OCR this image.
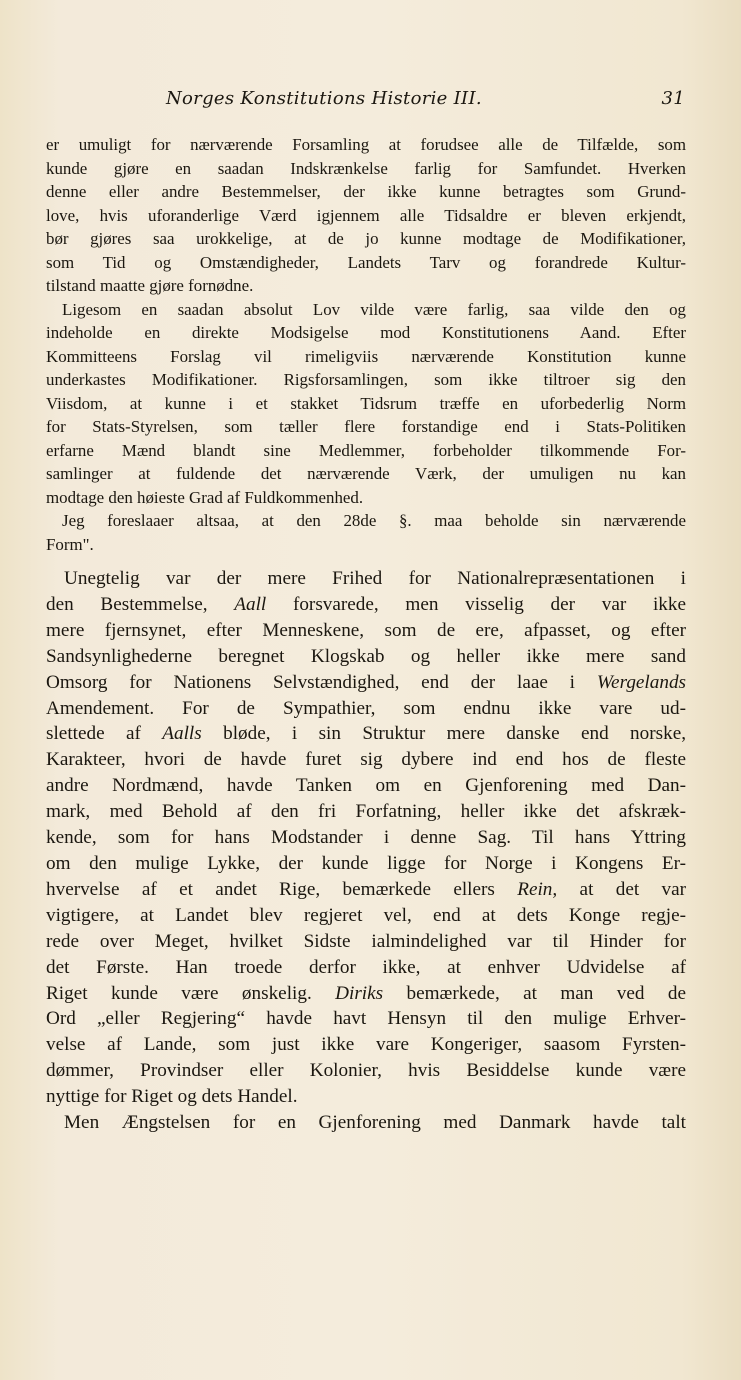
Norges Konstitutions Historie III.	31
er umuligt for nærværende Forsamling at forudsee alle de Tilfælde, som
kunde gjøre en saadan Indskrænkelse farlig for Samfundet. Hverken
denne eller andre Bestemmelser, der ikke kunne betragtes som Grund-
love, hvis uforanderlige Værd igjennem alle Tidsaldre er bleven erkjendt,
bør gjøres saa urokkelige, at de jo kunne modtage de Modifikationer,
som Tid og Omstændigheder, Landets Tarv og forandrede Kultur-
tilstand maatte gjøre fornødne.
Ligesom en saadan absolut Lov vilde være farlig, saa vilde den og
indeholde en direkte Modsigelse mod Konstitutionens Aand. Efter
Kommitteens Forslag vil rimeligviis nærværende Konstitution kunne
underkastes Modifikationer. Rigsforsamlingen, som ikke tiltroer sig den
Viisdom, at kunne i et stakket Tidsrum træffe en uforbederlig Norm
for Stats-Styrelsen, som tæller flere forstandige end i Stats-Politiken
erfarne Mænd blandt sine Medlemmer, forbeholder tilkommende For-
samlinger at fuldende det nærværende Værk, der umuligen nu kan
modtage den høieste Grad af Fuldkommenhed.
Jeg foreslaaer altsaa, at den 28de §. maa beholde sin nærværende
Form".
Unegtelig var der mere Frihed for Nationalrepræsentationen i
den Bestemmelse, Aall forsvarede, men visselig der var ikke
mere fjernsynet, efter Menneskene, som de ere, afpasset, og efter
Sandsynlighederne beregnet Klogskab og heller ikke mere sand
Omsorg for Nationens Selvstændighed, end der laae i Wergelands
Amendement. For de Sympathier, som endnu ikke vare ud-
slettede af Aalls bløde, i sin Struktur mere danske end norske,
Karakteer, hvori de havde furet sig dybere ind end hos de fleste
andre Nordmænd, havde Tanken om en Gjenforening med Dan-
mark, med Behold af den fri Forfatning, heller ikke det afskræk-
kende, som for hans Modstander i denne Sag. Til hans Yttring
om den mulige Lykke, der kunde ligge for Norge i Kongens Er-
hvervelse af et andet Rige, bemærkede ellers Rein, at det var
vigtigere, at Landet blev regjeret vel, end at dets Konge regje-
rede over Meget, hvilket Sidste ialmindelighed var til Hinder for
det Første. Han troede derfor ikke, at enhver Udvidelse af
Riget kunde være ønskelig. Diriks bemærkede, at man ved de
Ord „eller Regjering“ havde havt Hensyn til den mulige Erhver-
velse af Lande, som just ikke vare Kongeriger, saasom Fyrsten-
dømmer, Provindser eller Kolonier, hvis Besiddelse kunde være
nyttige for Riget og dets Handel.
Men Ængstelsen for en Gjenforening med Danmark havde talt
